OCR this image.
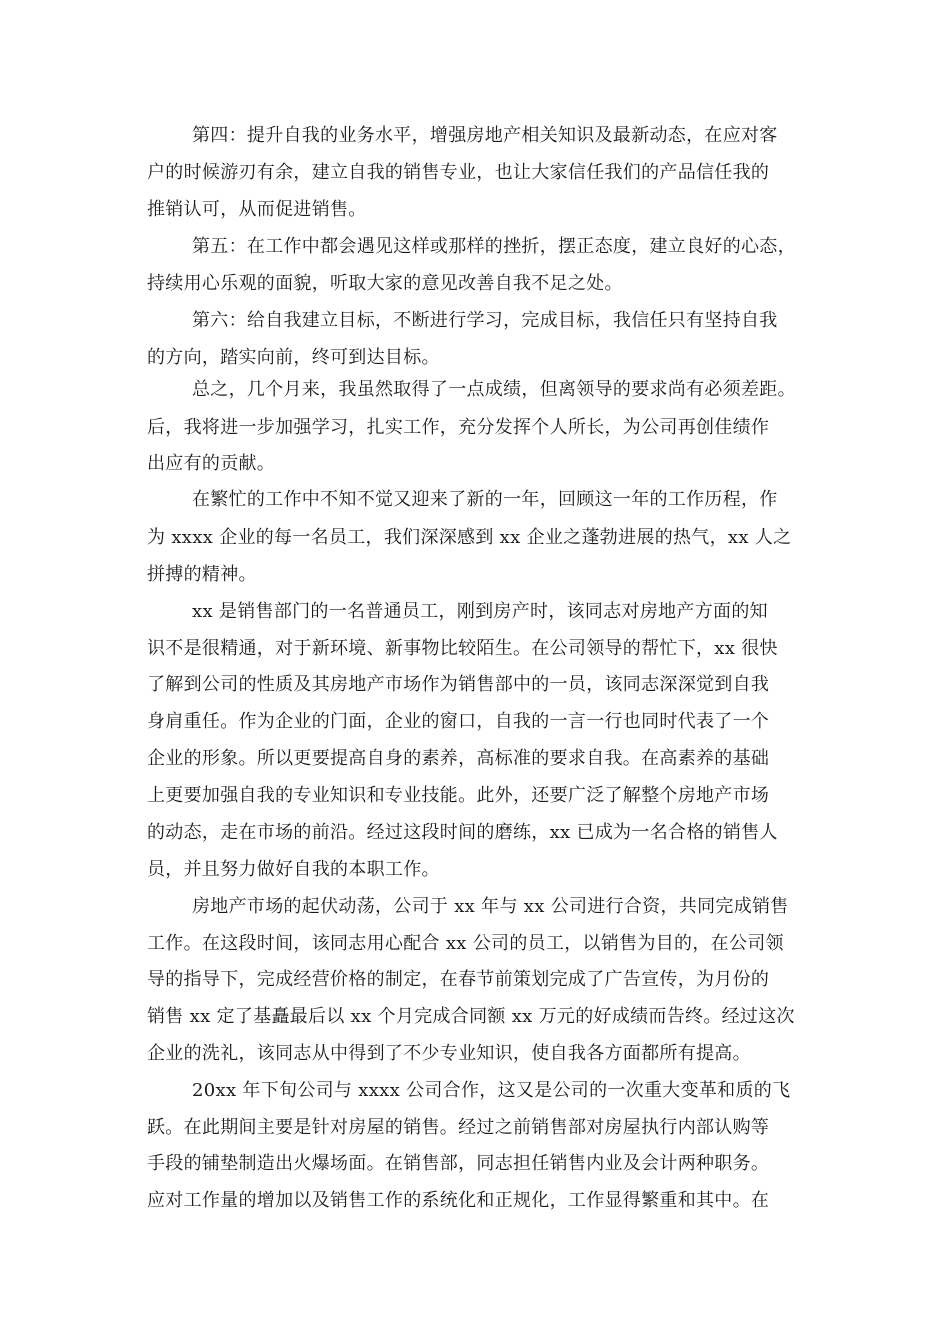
第四：提升自我的业务水平，增强房地产相关知识及最新动态，在应对客
户的时候游刃有余，建立自我的销售专业，也让大家信任我们的产品信任我的
推销认可，从而促进销售。
第五：在工作中都会遇见这样或那样的挫折，摆正态度，建立良好的心态，
持续用心乐观的面貌，听取大家的意见改善自我不足之处。
第六：给自我建立目标，不断进行学习，完成目标，我信任只有坚持自我
的方向，踏实向前，终可到达目标。
总之，几个月来，我虽然取得了一点成绩，但离领导的要求尚有必须差距。
后，我将进一步加强学习，扎实工作，充分发挥个人所长，为公司再创佳绩作
出应有的贡献。
在繁忙的工作中不知不觉又迎来了新的一年，回顾这一年的工作历程，作
为 xxxx 企业的每一名员工，我们深深感到 xx 企业之蓬勃进展的热气，xx 人之
拼搏的精神。
xx 是销售部门的一名普通员工，刚到房产时，该同志对房地产方面的知
识不是很精通，对于新环境、新事物比较陌生。在公司领导的帮忙下，xx 很快
了解到公司的性质及其房地产市场作为销售部中的一员，该同志深深觉到自我
身肩重任。作为企业的门面，企业的窗口，自我的一言一行也同时代表了一个
企业的形象。所以更要提高自身的素养，高标准的要求自我。在高素养的基础
上更要加强自我的专业知识和专业技能。此外，还要广泛了解整个房地产市场
的动态，走在市场的前沿。经过这段时间的磨练，xx 已成为一名合格的销售人
员，并且努力做好自我的本职工作。
房地产市场的起伏动荡，公司于 xx 年与 xx 公司进行合资，共同完成销售
工作。在这段时间，该同志用心配合 xx 公司的员工，以销售为目的，在公司领
导的指导下，完成经营价格的制定，在春节前策划完成了广告宣传，为月份的
销售 xx 定了基矗最后以 xx 个月完成合同额 xx 万元的好成绩而告终。经过这次
企业的洗礼，该同志从中得到了不少专业知识，使自我各方面都所有提高。
20xx 年下旬公司与 xxxx 公司合作，这又是公司的一次重大变革和质的飞
跃。在此期间主要是针对房屋的销售。经过之前销售部对房屋执行内部认购等
手段的铺垫制造出火爆场面。在销售部，同志担任销售内业及会计两种职务。
应对工作量的增加以及销售工作的系统化和正规化，工作显得繁重和其中。在
